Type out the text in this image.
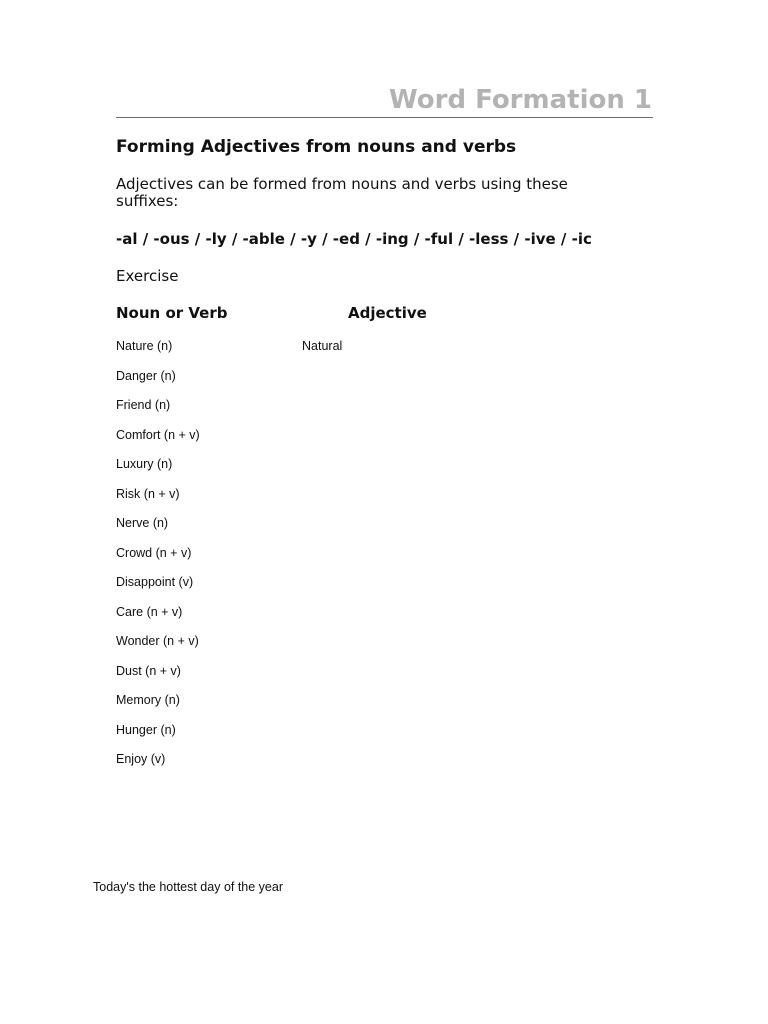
Word Formation 1
Forming Adjectives from nouns and verbs
Adjectives can be formed from nouns and verbs using these suffixes:
-al / -ous / -ly / -able / -y / -ed / -ing / -ful / -less / -ive / -ic
Exercise
Noun or Verb	Adjective
Nature (n)	Natural
Danger (n)
Friend (n)
Comfort (n + v)
Luxury (n)
Risk (n + v)
Nerve (n)
Crowd (n + v)
Disappoint (v)
Care (n + v)
Wonder (n + v)
Dust (n + v)
Memory (n)
Hunger (n)
Enjoy (v)
Today's the hottest day of the year
